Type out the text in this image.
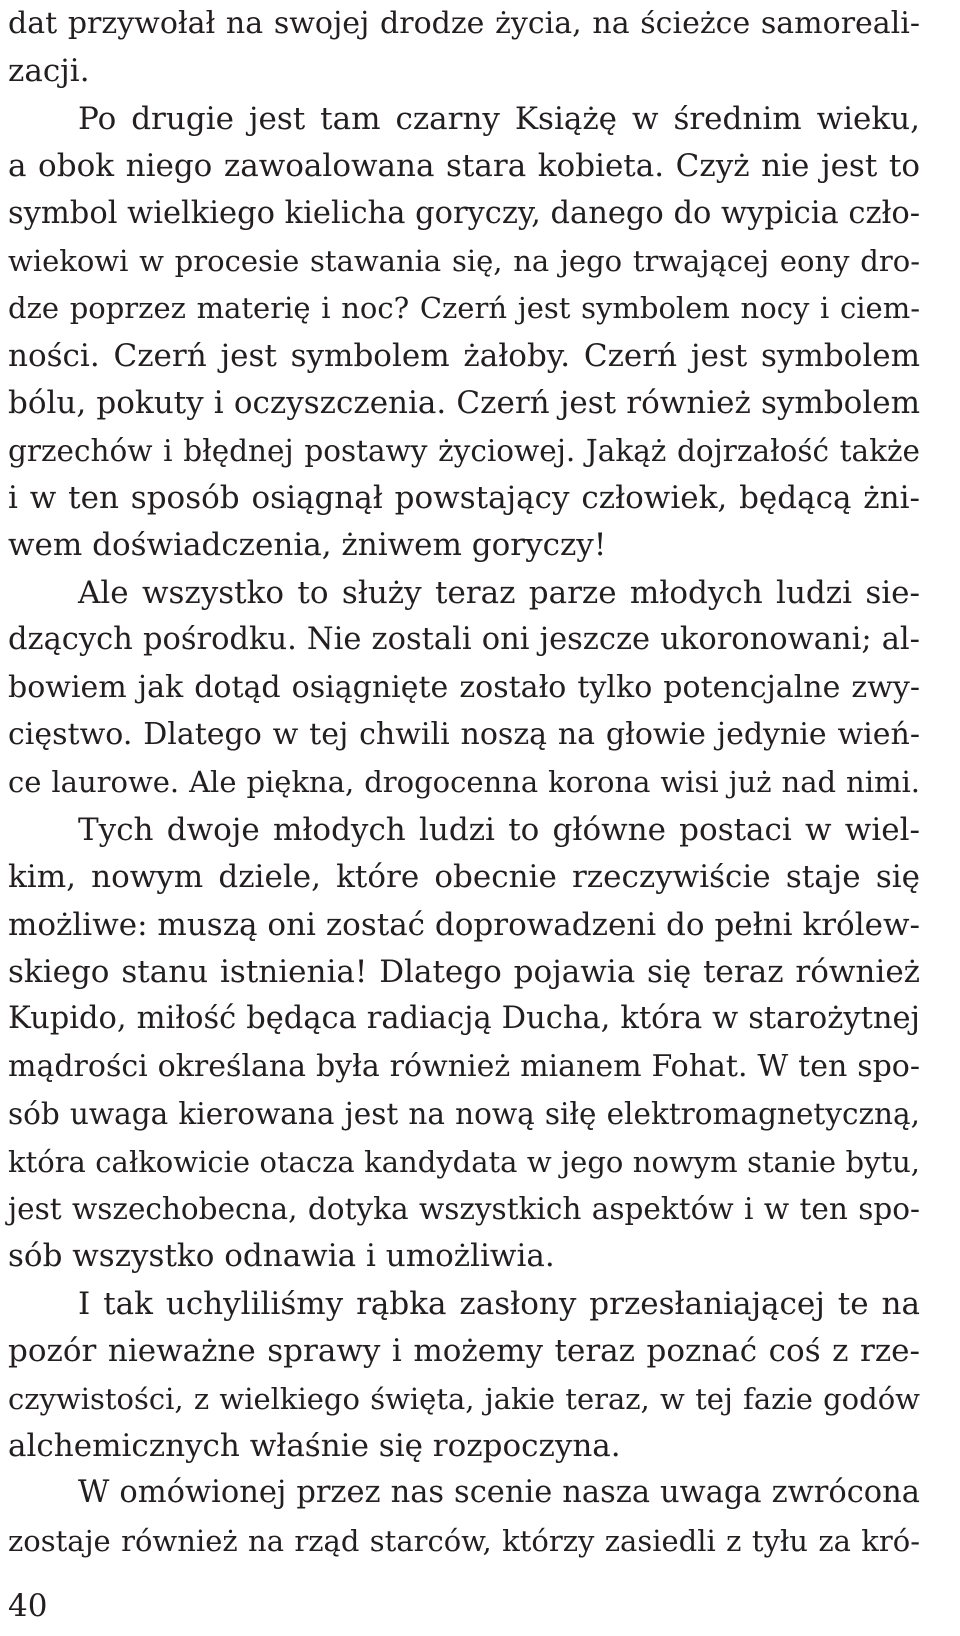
dat przywołał na swojej drodze życia, na ścieżce samoreali-
zacji.
Po drugie jest tam czarny Książę w średnim wieku,
a obok niego zawoalowana stara kobieta. Czyż nie jest to
symbol wielkiego kielicha goryczy, danego do wypicia czło-
wiekowi w procesie stawania się, na jego trwającej eony dro-
dze poprzez materię i noc? Czerń jest symbolem nocy i ciem-
ności. Czerń jest symbolem żałoby. Czerń jest symbolem
bólu, pokuty i oczyszczenia. Czerń jest również symbolem
grzechów i błędnej postawy życiowej. Jakąż dojrzałość także
i w ten sposób osiągnął powstający człowiek, będącą żni-
wem doświadczenia, żniwem goryczy!
Ale wszystko to służy teraz parze młodych ludzi sie-
dzących pośrodku. Nie zostali oni jeszcze ukoronowani; al-
bowiem jak dotąd osiągnięte zostało tylko potencjalne zwy-
cięstwo. Dlatego w tej chwili noszą na głowie jedynie wień-
ce laurowe. Ale piękna, drogocenna korona wisi już nad nimi.
Tych dwoje młodych ludzi to główne postaci w wiel-
kim, nowym dziele, które obecnie rzeczywiście staje się
możliwe: muszą oni zostać doprowadzeni do pełni królew-
skiego stanu istnienia! Dlatego pojawia się teraz również
Kupido, miłość będąca radiacją Ducha, która w starożytnej
mądrości określana była również mianem Fohat. W ten spo-
sób uwaga kierowana jest na nową siłę elektromagnetyczną,
która całkowicie otacza kandydata w jego nowym stanie bytu,
jest wszechobecna, dotyka wszystkich aspektów i w ten spo-
sób wszystko odnawia i umożliwia.
I tak uchyliliśmy rąbka zasłony przesłaniającej te na
pozór nieważne sprawy i możemy teraz poznać coś z rze-
czywistości, z wielkiego święta, jakie teraz, w tej fazie godów
alchemicznych właśnie się rozpoczyna.
W omówionej przez nas scenie nasza uwaga zwrócona
zostaje również na rząd starców, którzy zasiedli z tyłu za kró-
40
